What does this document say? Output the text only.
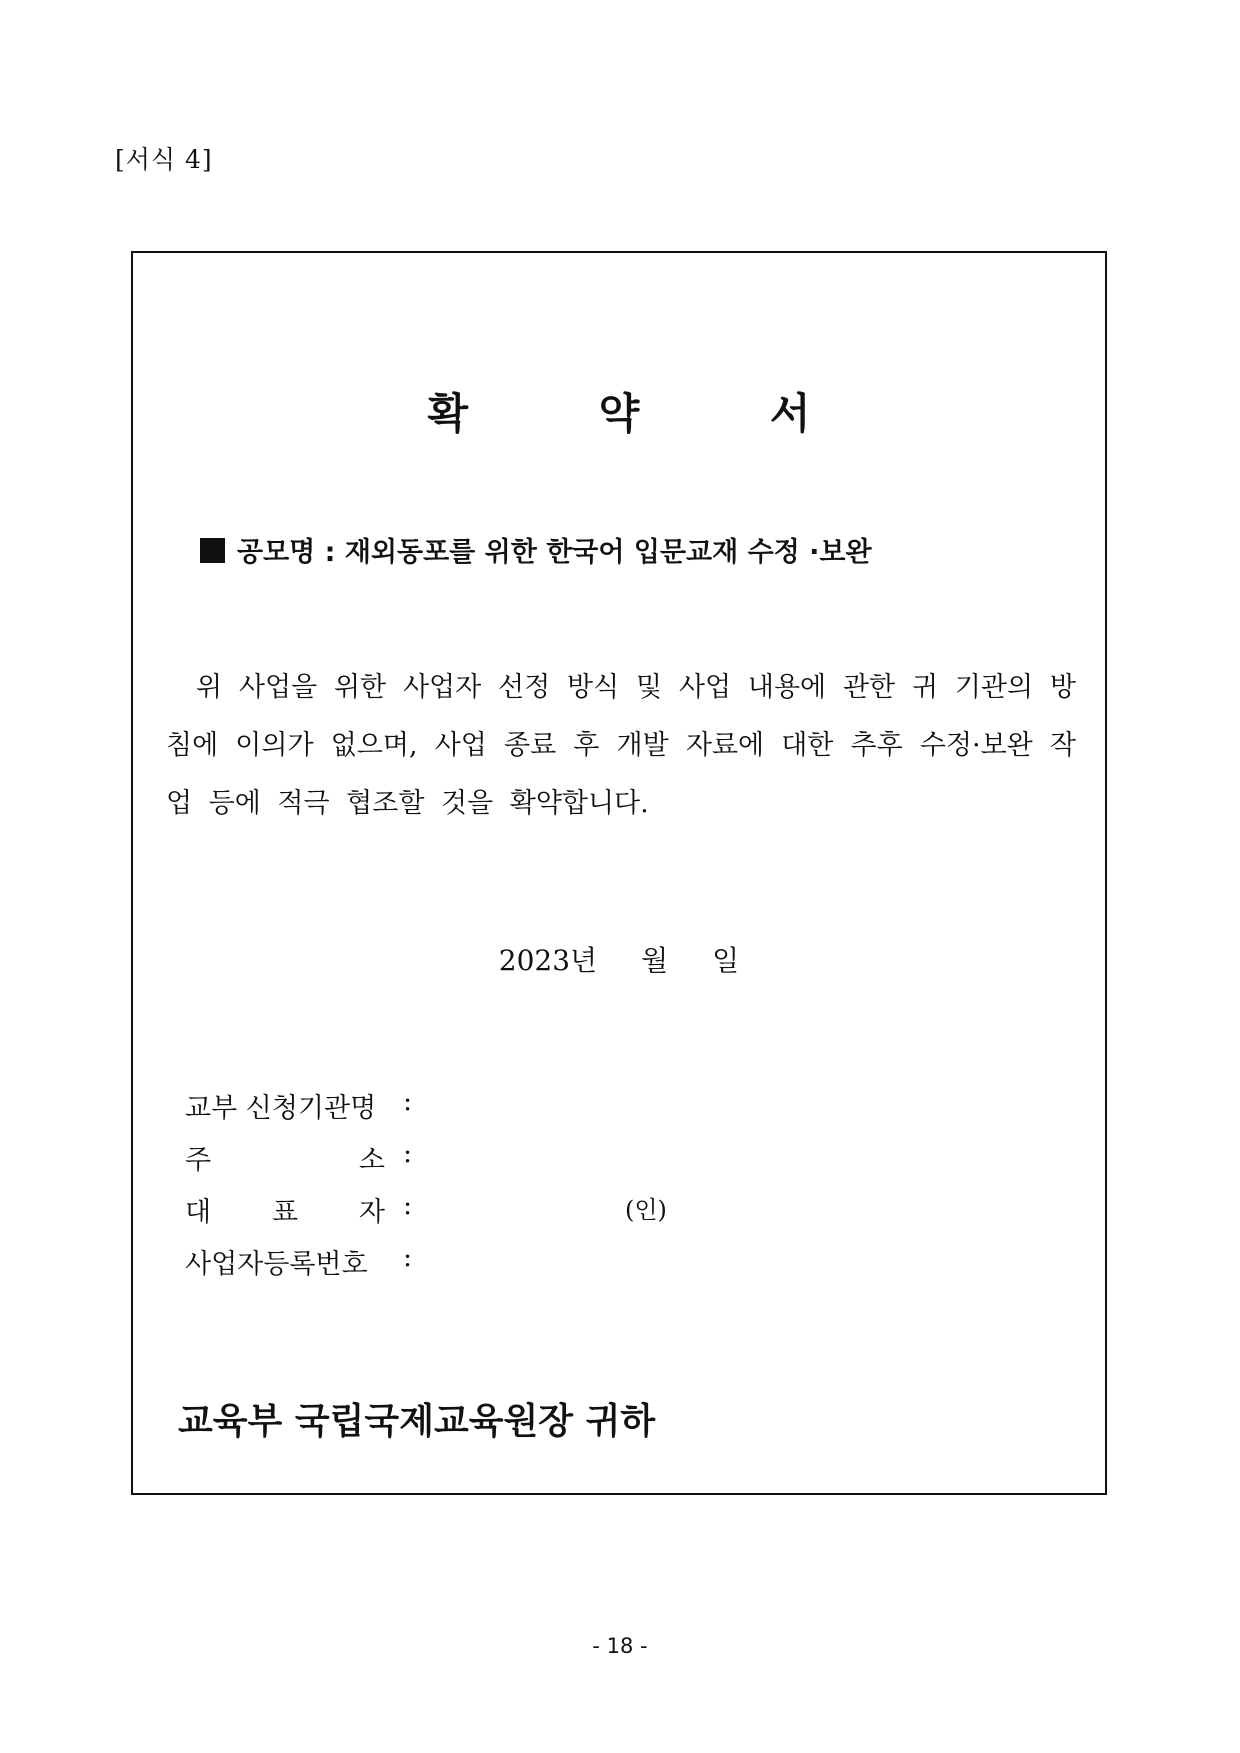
[서식 4]
확 약 서
공모명 : 재외동포를 위한 한국어 입문교재 수정 ·보완
위 사업을 위한 사업자 선정 방식 및 사업 내용에 관한 귀 기관의 방침에 이의가 없으며, 사업 종료 후 개발 자료에 대한 추후 수정·보완 작업 등에 적극 협조할 것을 확약합니다.
2023년 월 일
교부 신청기관명 :
주	소 :
대 표 자 :	(인)
사업자등록번호 :
교육부 국립국제교육원장 귀하
- 18 -
